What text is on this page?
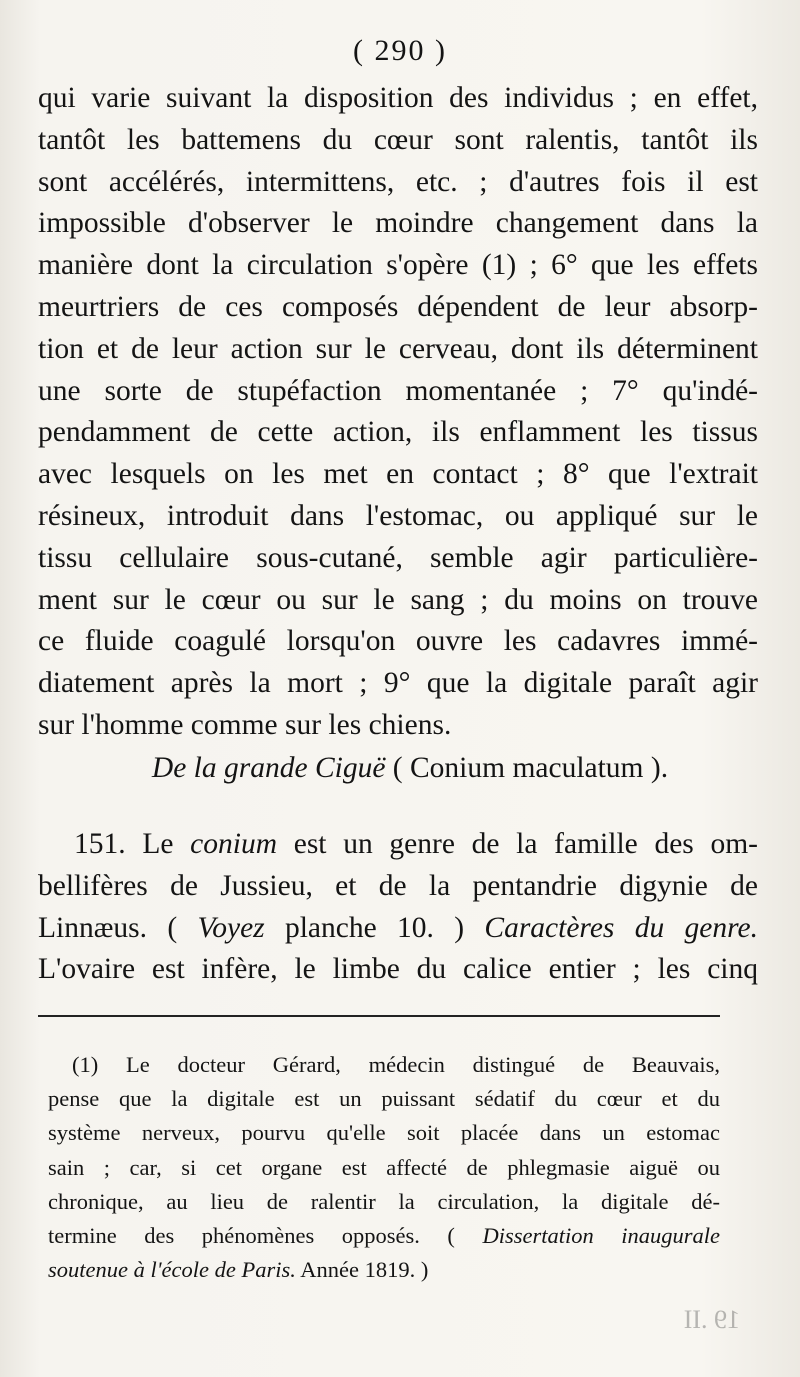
( 290 )
qui varie suivant la disposition des individus ; en effet,
tantôt les battemens du cœur sont ralentis, tantôt ils
sont accélérés, intermittens, etc. ; d'autres fois il est
impossible d'observer le moindre changement dans la
manière dont la circulation s'opère (1) ; 6° que les effets
meurtriers de ces composés dépendent de leur absorp-
tion et de leur action sur le cerveau, dont ils déterminent
une sorte de stupéfaction momentanée ; 7° qu'indé-
pendamment de cette action, ils enflamment les tissus
avec lesquels on les met en contact ; 8° que l'extrait
résineux, introduit dans l'estomac, ou appliqué sur le
tissu cellulaire sous-cutané, semble agir particulière-
ment sur le cœur ou sur le sang ; du moins on trouve
ce fluide coagulé lorsqu'on ouvre les cadavres immé-
diatement après la mort ; 9° que la digitale paraît agir
sur l'homme comme sur les chiens.
De la grande Ciguë ( Conium maculatum ).
151. Le conium est un genre de la famille des om-
bellifères de Jussieu, et de la pentandrie digynie de
Linnæus. ( Voyez planche 10. ) Caractères du genre.
L'ovaire est infère, le limbe du calice entier ; les cinq
(1) Le docteur Gérard, médecin distingué de Beauvais,
pense que la digitale est un puissant sédatif du cœur et du
système nerveux, pourvu qu'elle soit placée dans un estomac
sain ; car, si cet organe est affecté de phlegmasie aiguë ou
chronique, au lieu de ralentir la circulation, la digitale dé-
termine des phénomènes opposés. ( Dissertation inaugurale
soutenue à l'école de Paris. Année 1819. )
19 .II
